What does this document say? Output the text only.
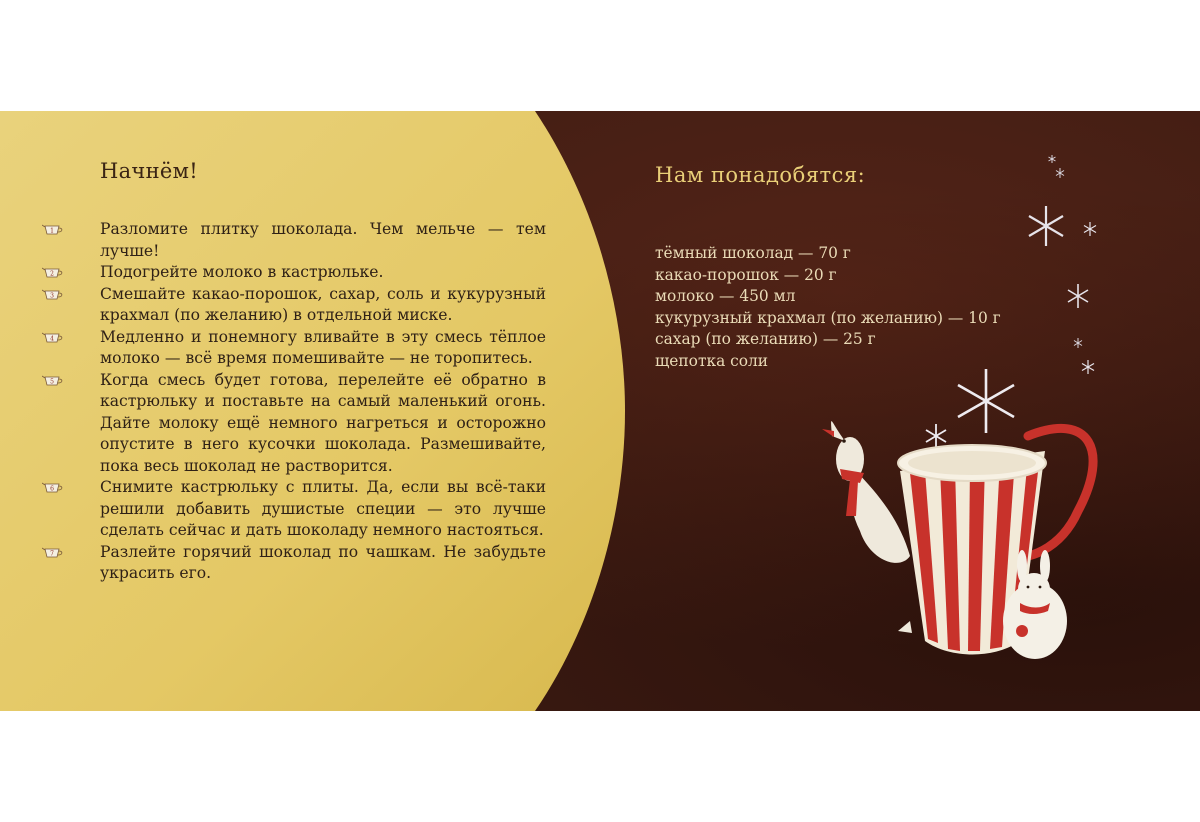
Начнём!
1	Разломите плитку шоколада. Чем мельче — тем лучше!
2	Подогрейте молоко в кастрюльке.
3	Смешайте какао-порошок, сахар, соль и кукурузный крахмал (по желанию) в отдельной миске.
4	Медленно и понемногу вливайте в эту смесь тёплое молоко — всё время помешивайте — не торопитесь.
5	Когда смесь будет готова, перелейте её обратно в кастрюльку и поставьте на самый маленький огонь. Дайте молоку ещё немного нагреться и осторожно опустите в него кусочки шоколада. Размешивайте, пока весь шоколад не растворится.
6	Снимите кастрюльку с плиты. Да, если вы всё-таки решили добавить душистые специи — это лучше сделать сейчас и дать шоколаду немного настояться.
7	Разлейте горячий шоколад по чашкам. Не забудьте украсить его.
Нам понадобятся:
тёмный шоколад — 70 г
какао-порошок — 20 г
молоко — 450 мл
кукурузный крахмал (по желанию) — 10 г
сахар (по желанию) — 25 г
щепотка соли
